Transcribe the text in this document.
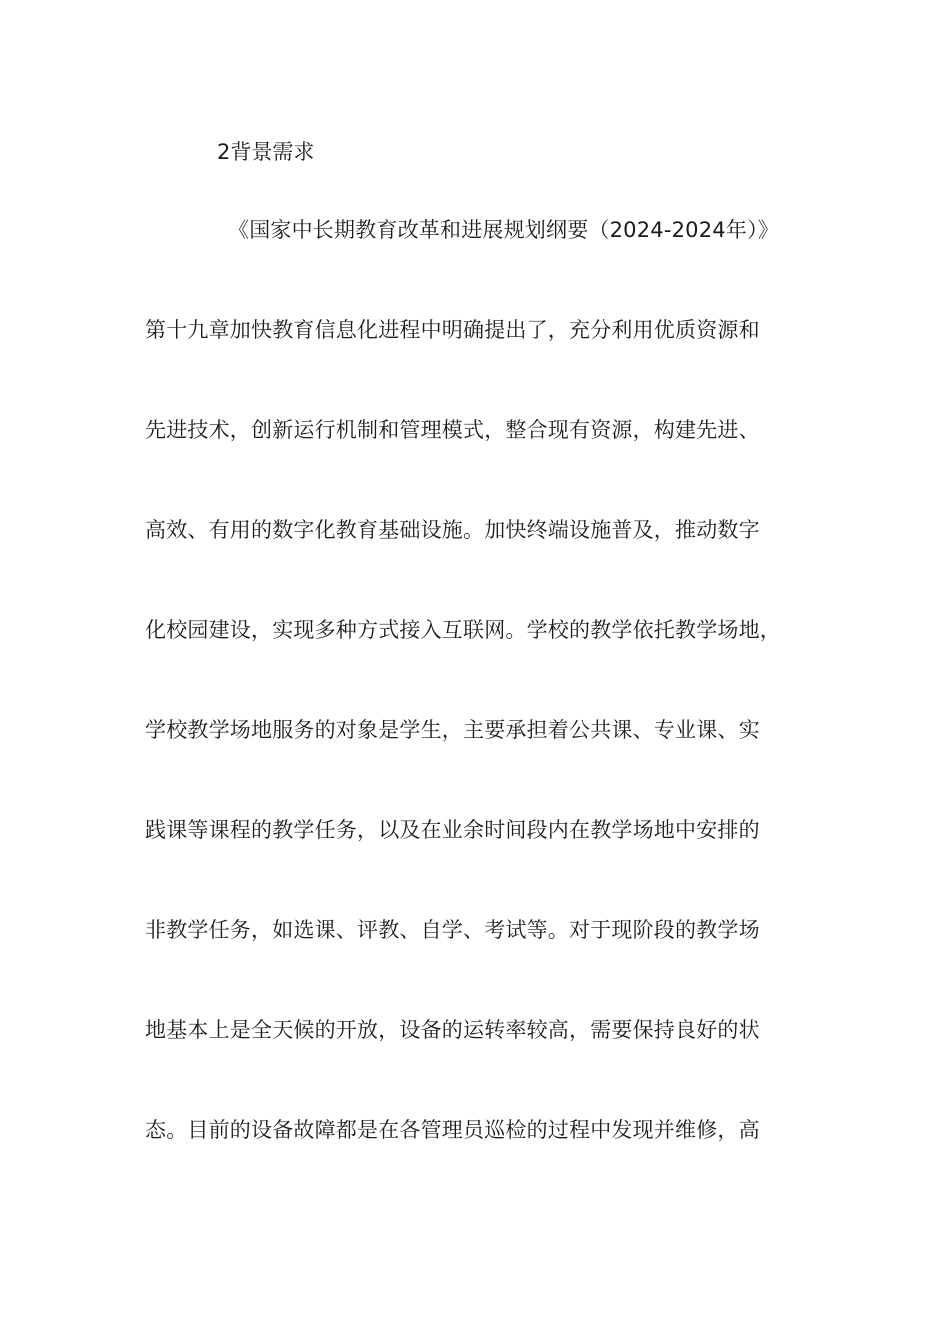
2背景需求
《国家中长期教育改革和进展规划纲要（2024-2024年）》
第十九章加快教育信息化进程中明确提出了，充分利用优质资源和
先进技术，创新运行机制和管理模式，整合现有资源，构建先进、
高效、有用的数字化教育基础设施。加快终端设施普及，推动数字
化校园建设，实现多种方式接入互联网。学校的教学依托教学场地，
学校教学场地服务的对象是学生，主要承担着公共课、专业课、实
践课等课程的教学任务，以及在业余时间段内在教学场地中安排的
非教学任务，如选课、评教、自学、考试等。对于现阶段的教学场
地基本上是全天候的开放，设备的运转率较高，需要保持良好的状
态。目前的设备故障都是在各管理员巡检的过程中发现并维修，高
